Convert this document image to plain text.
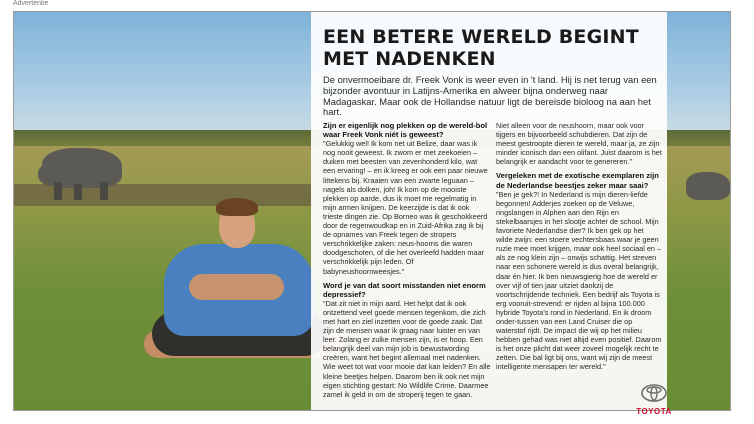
Advertentie
EEN BETERE WERELD BEGINT MET NADENKEN

De onvermoeibare dr. Freek Vonk is weer even in 't land. Hij is net terug van een bijzonder avontuur in Latijns-Amerika en alweer bijna onderweg naar Madagaskar. Maar ook de Hollandse natuur ligt de bereisde bioloog na aan het hart.

Zijn er eigenlijk nog plekken op de wereld-bol waar Freek Vonk niét is geweest?

"Gelukkig wel! Ik kom net uit Belize, daar was ik nog nooit geweest. Ik zwom er met zeekoeien – duiken met beesten van zevenhonderd kilo, wat een ervaring! – en ik kreeg er ook een paar nieuwe littekens bij. Kraaien van een zwarte leguaan – nagels als dolken, joh! Ik kom op de mooiste plekken op aarde, dus ik moet me regelmatig in mijn armen knijpen. De keerzijde is dat ik ook trieste dingen zie. Op Borneo was ik geschokkeerd door de regenwoudkap en in Zuid-Afrika zag ik bij de opnames van Freek tegen de stropers verschrikkelijke zaken: neus-hoorns die waren doodgeschoten, of die het overleefd hadden maar verschrikkelijk pijn leden. Of babyneushoornweesjes."

Word je van dat soort misstanden niet enorm depressief?

"Dat zit niet in mijn aard. Het helpt dat ik ook ontzettend veel goede mensen tegenkom, die zich met hart en ziel inzetten voor de goede zaak. Dat zijn de mensen waar ik graag naar luister en van leer. Zolang er zulke mensen zijn, is er hoop. Een belangrijk deel van mijn job is bewustwording creëren, want het begint allemaal met nadenken. Wie weet tot wat voor mooie dat kan leiden? En alle kleine beetjes helpen. Daarom ben ik ook net mijn eigen stichting gestart: No Wildlife Crime. Daarmee zamel ik geld in om de stroperij tegen te gaan.

Niet alleen voor de neushoorn, maar ook voor tijgers en bijvoorbeeld schubdieren. Dat zijn de meest gestroopte dieren te wereld, maar ja, ze zijn minder iconisch dan een olifant. Juist daarom is het belangrijk er aandacht voor te genereren."

Vergeleken met de exotische exemplaren zijn de Nederlandse beestjes zeker maar saai?

"Ben je gek?! In Nederland is mijn dieren-liefde begonnen! Adderjes zoeken op de Veluwe, ringslangen in Alphen aan den Rijn en stekelbaarsjes in het slootje achter de school. Mijn favoriete Nederlandse dier? Ik ben gek op het wilde zwijn: een stoere vechtersbaas waar je geen ruzie mee moet krijgen, maar ook heel sociaal en – als ze nog klein zijn – onwijs schattig. Het streven naar een schonere wereld is dus overal belangrijk, daar én hier. Ik ben nieuwsgierig hoe de wereld er over vijf of tien jaar uitziet dankzij de voortschrijdende techniek. Een bedrijf als Toyota is erg vooruit-strevend: er rijden al bijna 100.000 hybride Toyota's rond in Nederland. En ik droom onder-tussen van een Land Cruiser die op waterstof rijdt. De impact die wij op het milieu hebben gehad was niet altijd even positief. Daarom is het onze plicht dat weer zoveel mogelijk recht te zetten. Die bal ligt bij ons, want wij zijn de meest intelligente mensapen ter wereld."

TOYOTA
